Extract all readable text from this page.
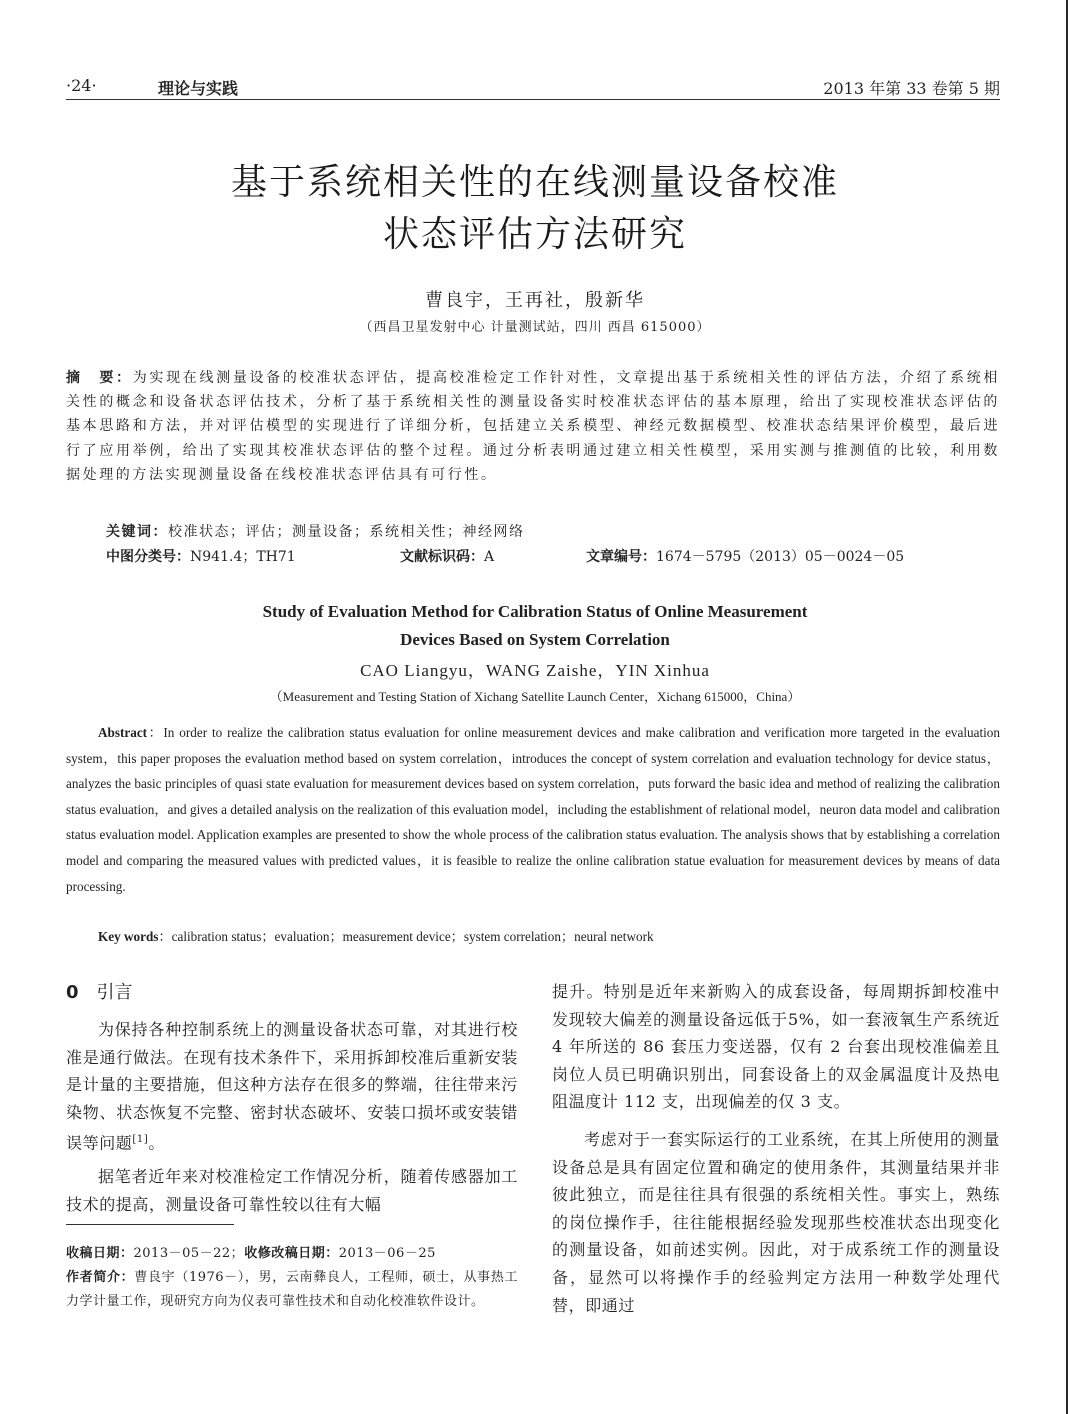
·24·	理论与实践	2013 年第 33 卷第 5 期
基于系统相关性的在线测量设备校准
状态评估方法研究
曹良宇，王再社，殷新华
（西昌卫星发射中心 计量测试站，四川 西昌 615000）
摘　要：为实现在线测量设备的校准状态评估，提高校准检定工作针对性，文章提出基于系统相关性的评估方法，介绍了系统相关性的概念和设备状态评估技术，分析了基于系统相关性的测量设备实时校准状态评估的基本原理，给出了实现校准状态评估的基本思路和方法，并对评估模型的实现进行了详细分析，包括建立关系模型、神经元数据模型、校准状态结果评价模型，最后进行了应用举例，给出了实现其校准状态评估的整个过程。通过分析表明通过建立相关性模型，采用实测与推测值的比较，利用数据处理的方法实现测量设备在线校准状态评估具有可行性。
关键词：校准状态；评估；测量设备；系统相关性；神经网络
中图分类号：N941.4；TH71	文献标识码：A	文章编号：1674－5795（2013）05－0024－05
Study of Evaluation Method for Calibration Status of Online Measurement
Devices Based on System Correlation
CAO Liangyu，WANG Zaishe，YIN Xinhua
（Measurement and Testing Station of Xichang Satellite Launch Center，Xichang 615000，China）
Abstract：In order to realize the calibration status evaluation for online measurement devices and make calibration and verification more targeted in the evaluation system，this paper proposes the evaluation method based on system correlation，introduces the concept of system correlation and evaluation technology for device status，analyzes the basic principles of quasi state evaluation for measurement devices based on system correlation，puts forward the basic idea and method of realizing the calibration status evaluation，and gives a detailed analysis on the realization of this evaluation model，including the establishment of relational model，neuron data model and calibration status evaluation model. Application examples are presented to show the whole process of the calibration status evaluation. The analysis shows that by establishing a correlation model and comparing the measured values with predicted values，it is feasible to realize the online calibration statue evaluation for measurement devices by means of data processing.
Key words：calibration status；evaluation；measurement device；system correlation；neural network
0 引言

为保持各种控制系统上的测量设备状态可靠，对其进行校准是通行做法。在现有技术条件下，采用拆卸校准后重新安装是计量的主要措施，但这种方法存在很多的弊端，往往带来污染物、状态恢复不完整、密封状态破坏、安装口损坏或安装错误等问题[1]。

据笔者近年来对校准检定工作情况分析，随着传感器加工技术的提高，测量设备可靠性较以往有大幅

收稿日期：2013－05－22；收修改稿日期：2013－06－25
作者简介：曹良宇（1976－），男，云南彝良人，工程师，硕士，从事热工力学计量工作，现研究方向为仪表可靠性技术和自动化校准软件设计。

提升。特别是近年来新购入的成套设备，每周期拆卸校准中发现较大偏差的测量设备远低于5%，如一套液氧生产系统近 4 年所送的 86 套压力变送器，仅有 2 台套出现校准偏差且岗位人员已明确识别出，同套设备上的双金属温度计及热电阻温度计 112 支，出现偏差的仅 3 支。

考虑对于一套实际运行的工业系统，在其上所使用的测量设备总是具有固定位置和确定的使用条件，其测量结果并非彼此独立，而是往往具有很强的系统相关性。事实上，熟练的岗位操作手，往往能根据经验发现那些校准状态出现变化的测量设备，如前述实例。因此，对于成系统工作的测量设备，显然可以将操作手的经验判定方法用一种数学处理代替，即通过
